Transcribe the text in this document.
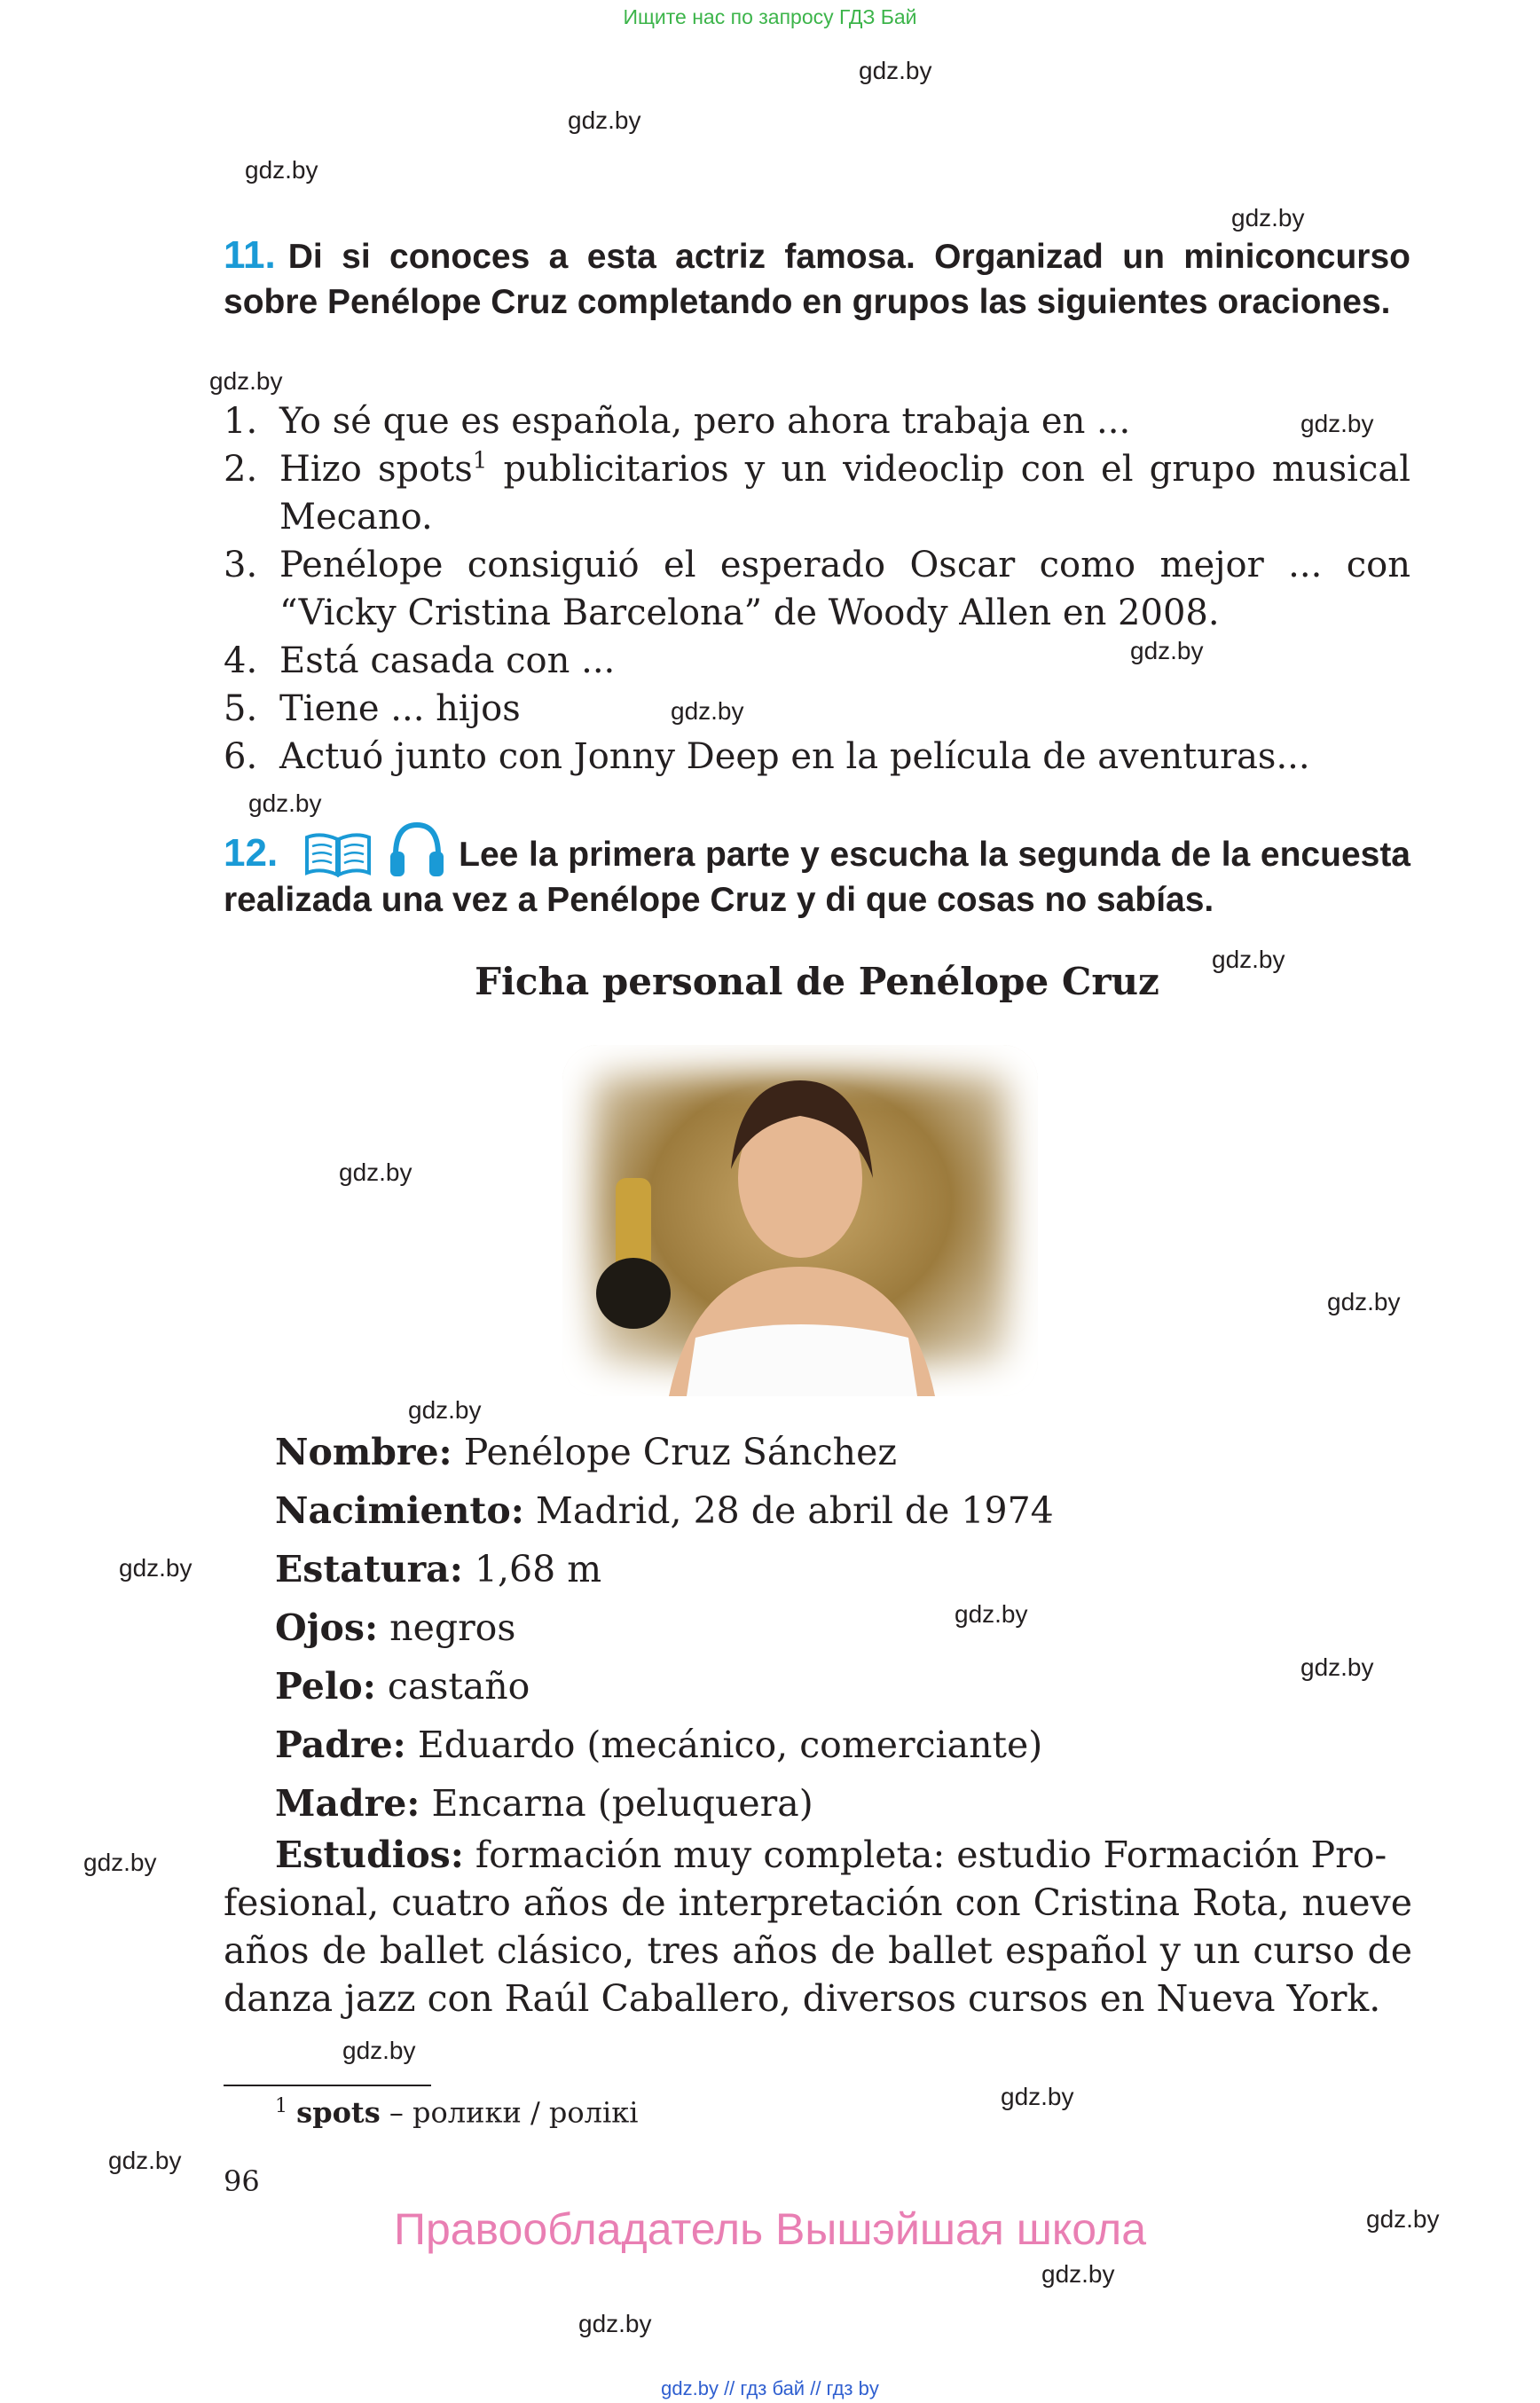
Ищите нас по запросу ГДЗ Бай
gdz.by
gdz.by
gdz.by
gdz.by
gdz.by
gdz.by
gdz.by
gdz.by
gdz.by
gdz.by
gdz.by
gdz.by
gdz.by
gdz.by
gdz.by
gdz.by
gdz.by
gdz.by
gdz.by
gdz.by
gdz.by
gdz.by
gdz.by
11. Di si conoces a esta actriz famosa. Organizad un miniconcurso sobre Penélope Cruz completando en grupos las siguientes oraciones.
1. Yo sé que es española, pero ahora trabaja en ...
2. Hizo spots$^1$ publicitarios y un videoclip con el grupo musical Mecano.
3. Penélope consiguió el esperado Oscar como mejor ... con “Vicky Cristina Barcelona” de Woody Allen en 2008.
4. Está casada con ...
5. Tiene ... hijos
6. Actuó junto con Jonny Deep en la película de aventuras...
12.	Lee la primera parte y escucha la segunda de la encuesta realizada una vez a Penélope Cruz y di que cosas no sabías.
Ficha personal de Penélope Cruz
Nombre: Penélope Cruz Sánchez
Nacimiento: Madrid, 28 de abril de 1974
Estatura: 1,68 m
Ojos: negros
Pelo: castaño
Padre: Eduardo (mecánico, comerciante)
Madre: Encarna (peluquera)
Estudios: formación muy completa: estudio Formación Pro-
fesional, cuatro años de interpretación con Cristina Rota, nueve años de ballet clásico, tres años de ballet español y un curso de danza jazz con Raúl Caballero, diversos cursos en Nueva York.
$^1$ spots – ролики / ролiкi
96
Правообладатель Вышэйшая школа
gdz.by // гдз бай // гдз by
